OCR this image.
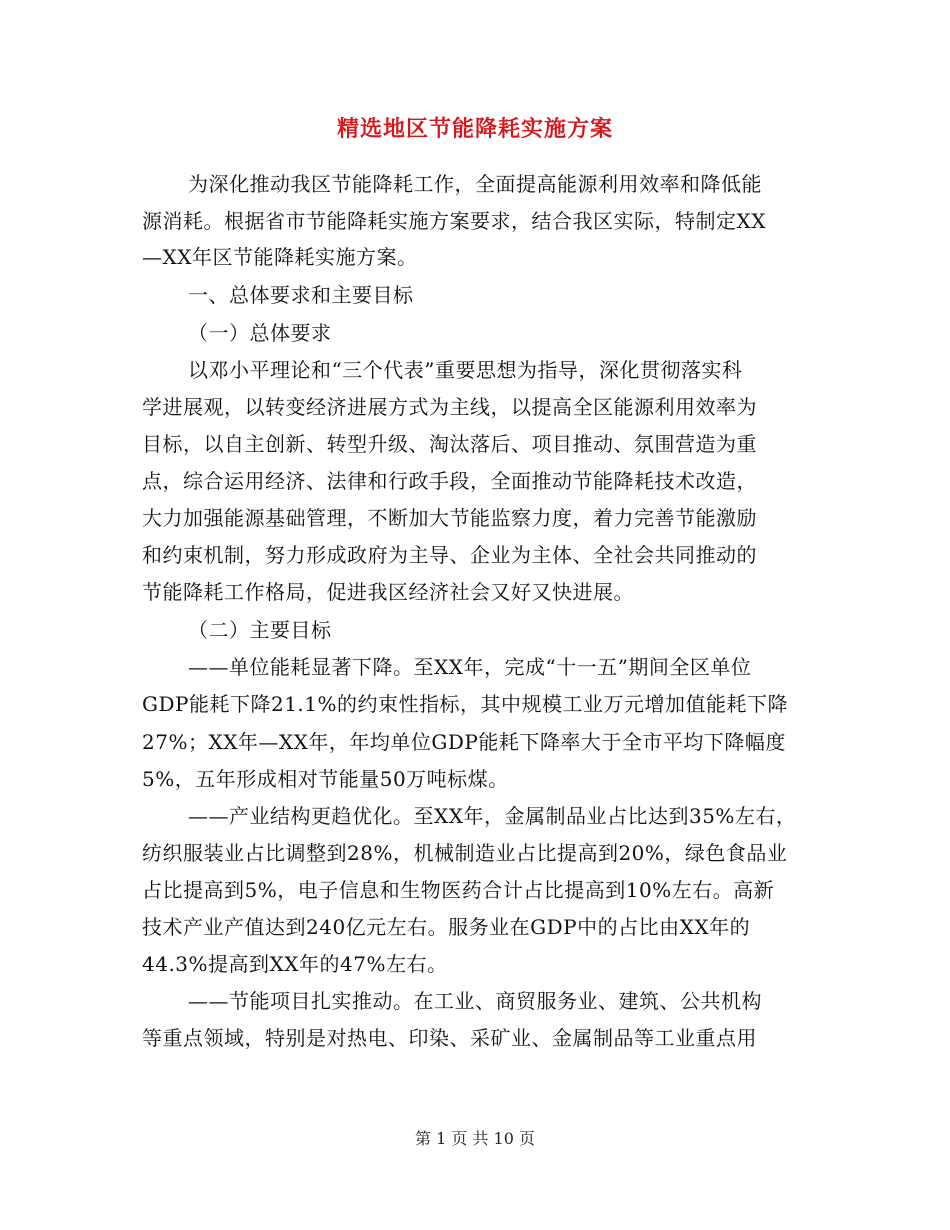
精选地区节能降耗实施方案
为深化推动我区节能降耗工作，全面提高能源利用效率和降低能
源消耗。根据省市节能降耗实施方案要求，结合我区实际，特制定XX
—XX年区节能降耗实施方案。
一、总体要求和主要目标
（一）总体要求
以邓小平理论和“三个代表”重要思想为指导，深化贯彻落实科
学进展观，以转变经济进展方式为主线，以提高全区能源利用效率为
目标，以自主创新、转型升级、淘汰落后、项目推动、氛围营造为重
点，综合运用经济、法律和行政手段，全面推动节能降耗技术改造，
大力加强能源基础管理，不断加大节能监察力度，着力完善节能激励
和约束机制，努力形成政府为主导、企业为主体、全社会共同推动的
节能降耗工作格局，促进我区经济社会又好又快进展。
（二）主要目标
——单位能耗显著下降。至XX年，完成“十一五”期间全区单位
GDP能耗下降21.1%的约束性指标，其中规模工业万元增加值能耗下降
27%；XX年—XX年，年均单位GDP能耗下降率大于全市平均下降幅度
5%，五年形成相对节能量50万吨标煤。
——产业结构更趋优化。至XX年，金属制品业占比达到35%左右，
纺织服装业占比调整到28%，机械制造业占比提高到20%，绿色食品业
占比提高到5%，电子信息和生物医药合计占比提高到10%左右。高新
技术产业产值达到240亿元左右。服务业在GDP中的占比由XX年的
44.3%提高到XX年的47%左右。
——节能项目扎实推动。在工业、商贸服务业、建筑、公共机构
等重点领域，特别是对热电、印染、采矿业、金属制品等工业重点用
第 1 页 共 10 页
